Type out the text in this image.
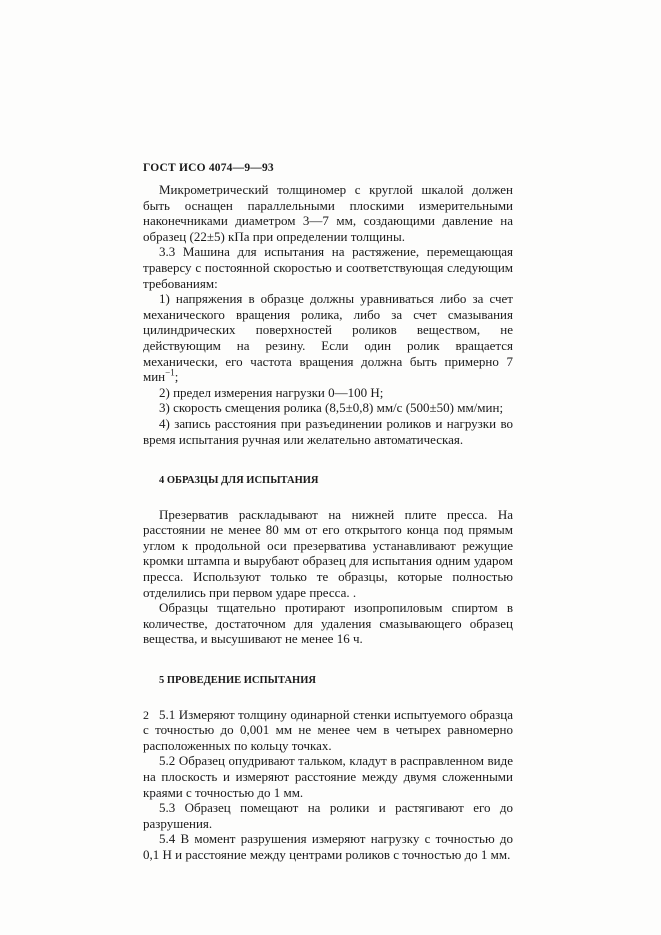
ГОСТ ИСО 4074—9—93

Микрометрический толщиномер с круглой шкалой должен быть оснащен параллельными плоскими измерительными наконечниками диаметром 3—7 мм, создающими давление на образец (22±5) кПа при определении толщины.

3.3 Машина для испытания на растяжение, перемещающая траверсу с постоянной скоростью и соответствующая следующим требованиям:

1) напряжения в образце должны уравниваться либо за счет механического вращения ролика, либо за счет смазывания цилиндрических поверхностей роликов веществом, не действующим на резину. Если один ролик вращается механически, его частота вращения должна быть примерно 7 мин$^{-1}$;

2) предел измерения нагрузки 0—100 Н;

3) скорость смещения ролика (8,5±0,8) мм/с (500±50) мм/мин;

4) запись расстояния при разъединении роликов и нагрузки во время испытания ручная или желательно автоматическая.

4 ОБРАЗЦЫ ДЛЯ ИСПЫТАНИЯ

Презерватив раскладывают на нижней плите пресса. На расстоянии не менее 80 мм от его открытого конца под прямым углом к продольной оси презерватива устанавливают режущие кромки штампа и вырубают образец для испытания одним ударом пресса. Используют только те образцы, которые полностью отделились при первом ударе пресса. .

Образцы тщательно протирают изопропиловым спиртом в количестве, достаточном для удаления смазывающего образец вещества, и высушивают не менее 16 ч.

5 ПРОВЕДЕНИЕ ИСПЫТАНИЯ

5.1 Измеряют толщину одинарной стенки испытуемого образца с точностью до 0,001 мм не менее чем в четырех равномерно расположенных по кольцу точках.

5.2 Образец опудривают тальком, кладут в расправленном виде на плоскость и измеряют расстояние между двумя сложенными краями с точностью до 1 мм.

5.3 Образец помещают на ролики и растягивают его до разрушения.

5.4 В момент разрушения измеряют нагрузку с точностью до 0,1 Н и расстояние между центрами роликов с точностью до 1 мм.

2
